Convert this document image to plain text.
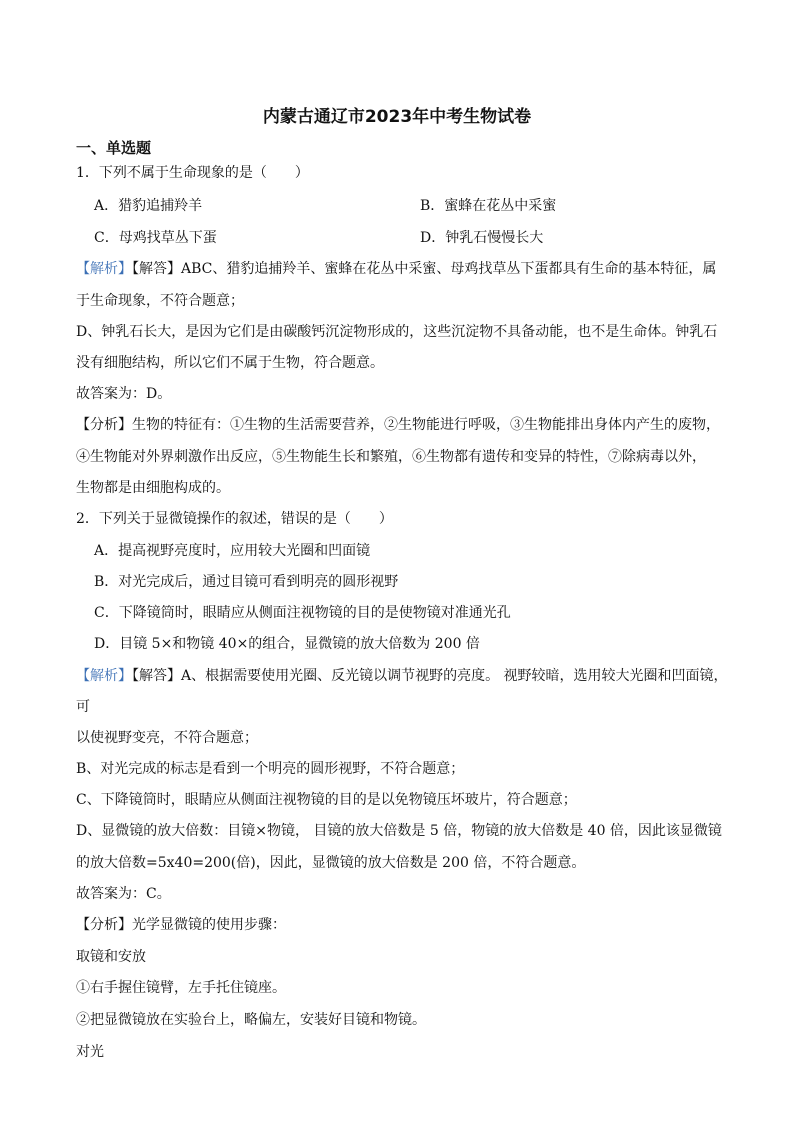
内蒙古通辽市2023年中考生物试卷
一、单选题
1．下列不属于生命现象的是（　　）
A．猎豹追捕羚羊	B．蜜蜂在花丛中采蜜
C．母鸡找草丛下蛋	D．钟乳石慢慢长大
【解析】【解答】ABC、猎豹追捕羚羊、蜜蜂在花丛中采蜜、母鸡找草丛下蛋都具有生命的基本特征，属
于生命现象，不符合题意；
D、钟乳石长大，是因为它们是由碳酸钙沉淀物形成的，这些沉淀物不具备动能，也不是生命体。钟乳石
没有细胞结构，所以它们不属于生物，符合题意。
故答案为：D。
【分析】生物的特征有：①生物的生活需要营养，②生物能进行呼吸，③生物能排出身体内产生的废物，
④生物能对外界刺激作出反应，⑤生物能生长和繁殖，⑥生物都有遗传和变异的特性，⑦除病毒以外，
生物都是由细胞构成的。
2．下列关于显微镜操作的叙述，错误的是（　　）
A．提高视野亮度时，应用较大光圈和凹面镜
B．对光完成后，通过目镜可看到明亮的圆形视野
C．下降镜筒时，眼睛应从侧面注视物镜的目的是使物镜对准通光孔
D．目镜 5×和物镜 40×的组合，显微镜的放大倍数为 200 倍
【解析】【解答】A、根据需要使用光圈、反光镜以调节视野的亮度。 视野较暗，选用较大光圈和凹面镜，
可
以使视野变亮，不符合题意；
B、对光完成的标志是看到一个明亮的圆形视野，不符合题意；
C、下降镜筒时，眼睛应从侧面注视物镜的目的是以免物镜压坏玻片，符合题意；
D、显微镜的放大倍数：目镜×物镜， 目镜的放大倍数是 5 倍，物镜的放大倍数是 40 倍，因此该显微镜
的放大倍数=5x40=200(倍)，因此，显微镜的放大倍数是 200 倍，不符合题意。
故答案为：C。
【分析】光学显微镜的使用步骤：
取镜和安放
①右手握住镜臂，左手托住镜座。
②把显微镜放在实验台上，略偏左，安装好目镜和物镜。
对光
